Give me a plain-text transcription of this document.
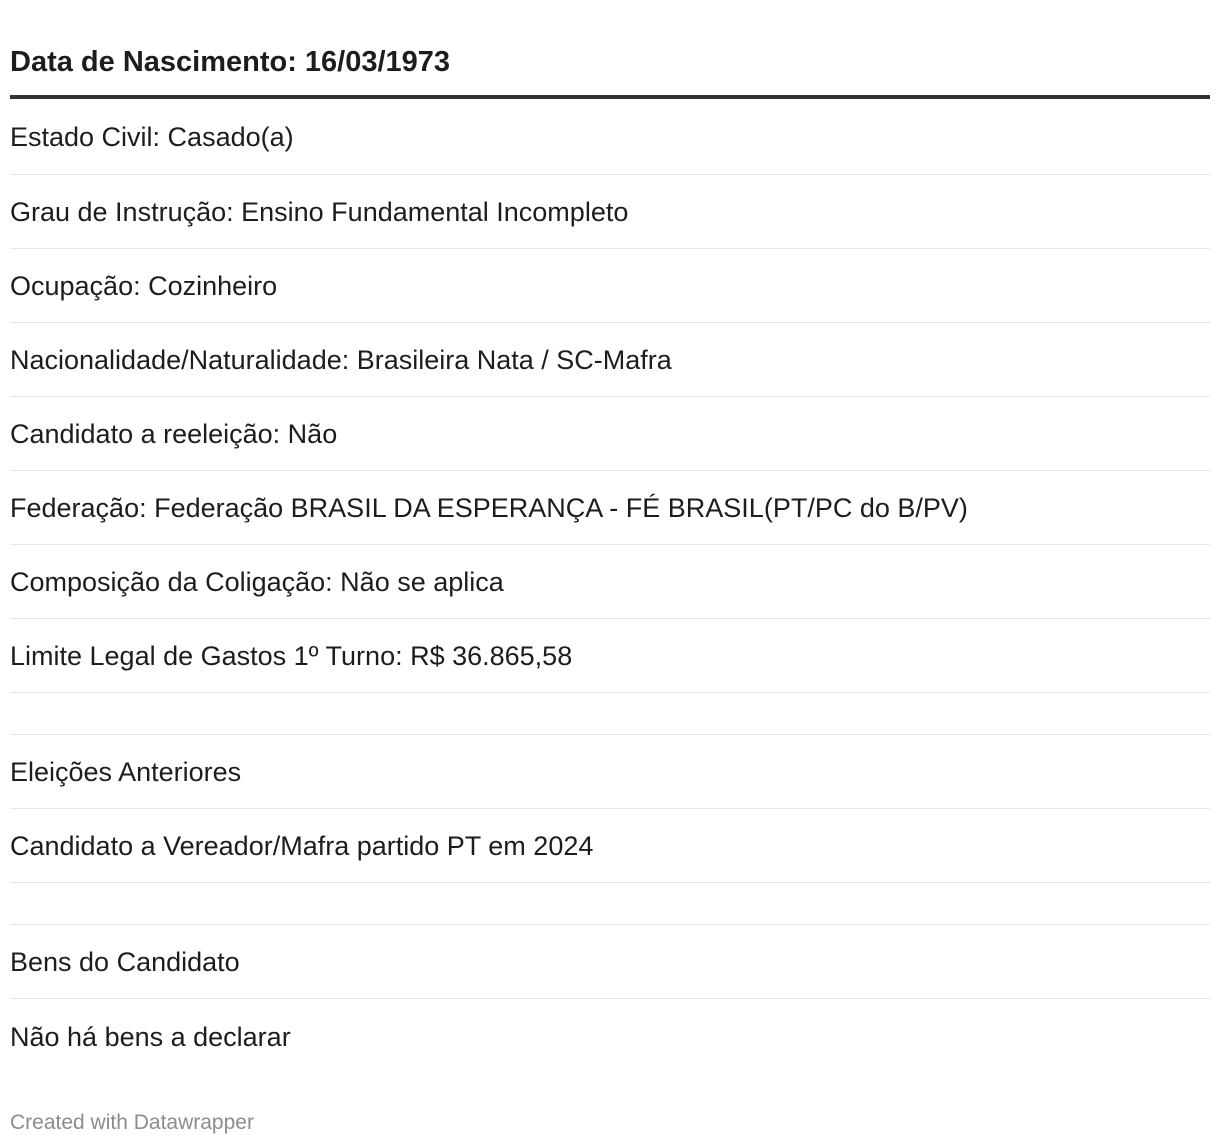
Data de Nascimento: 16/03/1973
Estado Civil: Casado(a)
Grau de Instrução: Ensino Fundamental Incompleto
Ocupação: Cozinheiro
Nacionalidade/Naturalidade: Brasileira Nata / SC-Mafra
Candidato a reeleição: Não
Federação: Federação BRASIL DA ESPERANÇA - FÉ BRASIL(PT/PC do B/PV)
Composição da Coligação: Não se aplica
Limite Legal de Gastos 1º Turno: R$ 36.865,58
Eleições Anteriores
Candidato a Vereador/Mafra partido PT em 2024
Bens do Candidato
Não há bens a declarar
Created with Datawrapper
